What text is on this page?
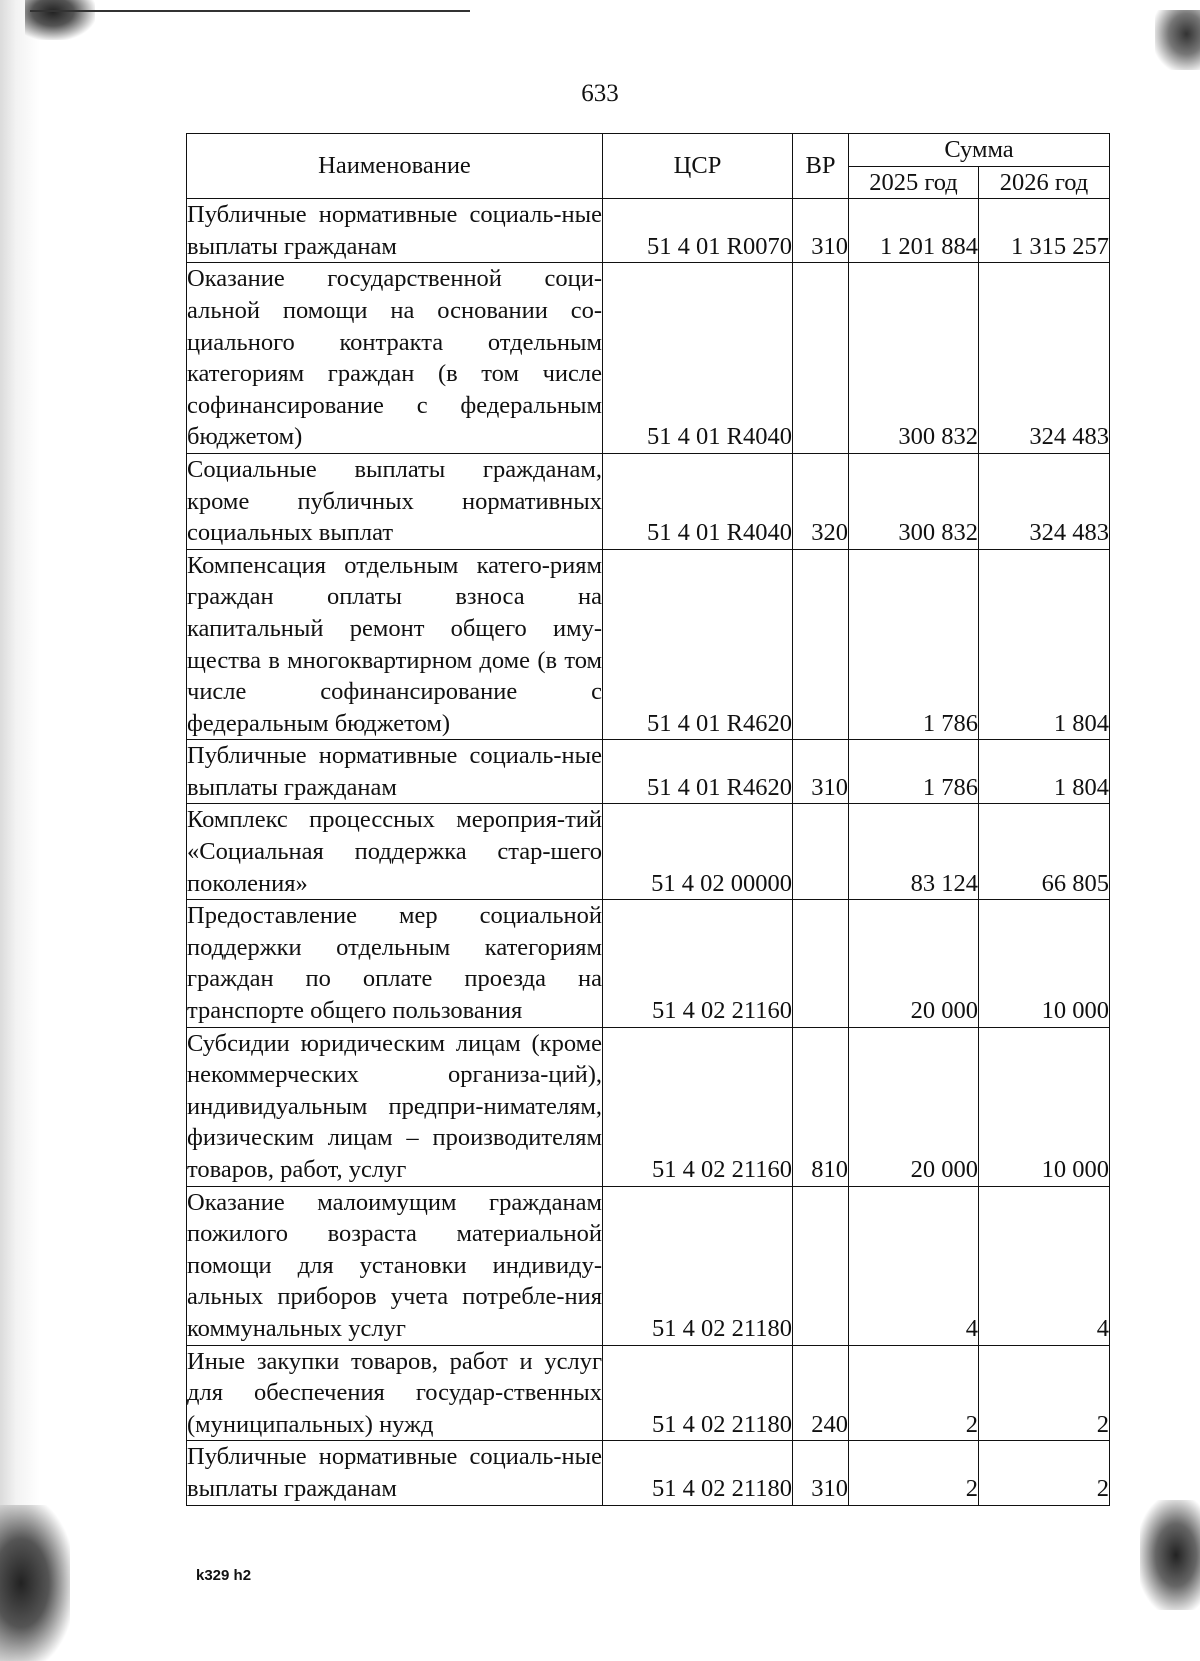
633
Наименование	ЦСР	ВР	Сумма	
			2025 год	2026 год
Публичные нормативные социаль-ные выплаты гражданам	51 4 01 R0070	310	1 201 884	1 315 257
Оказание государственной соци-альной помощи на основании со-циального контракта отдельным категориям граждан (в том числе софинансирование с федеральным бюджетом)	51 4 01 R4040		300 832	324 483
Социальные выплаты гражданам, кроме публичных нормативных социальных выплат	51 4 01 R4040	320	300 832	324 483
Компенсация отдельным катего-риям граждан оплаты взноса на капитальный ремонт общего иму-щества в многоквартирном доме (в том числе софинансирование с федеральным бюджетом)	51 4 01 R4620		1 786	1 804
Публичные нормативные социаль-ные выплаты гражданам	51 4 01 R4620	310	1 786	1 804
Комплекс процессных мероприя-тий «Социальная поддержка стар-шего поколения»	51 4 02 00000		83 124	66 805
Предоставление мер социальной поддержки отдельным категориям граждан по оплате проезда на транспорте общего пользования	51 4 02 21160		20 000	10 000
Субсидии юридическим лицам (кроме некоммерческих организа-ций), индивидуальным предпри-нимателям, физическим лицам – производителям товаров, работ, услуг	51 4 02 21160	810	20 000	10 000
Оказание малоимущим гражданам пожилого возраста материальной помощи для установки индивиду-альных приборов учета потребле-ния коммунальных услуг	51 4 02 21180		4	4
Иные закупки товаров, работ и услуг для обеспечения государ-ственных (муниципальных) нужд	51 4 02 21180	240	2	2
Публичные нормативные социаль-ные выплаты гражданам	51 4 02 21180	310	2	2
k329 h2
